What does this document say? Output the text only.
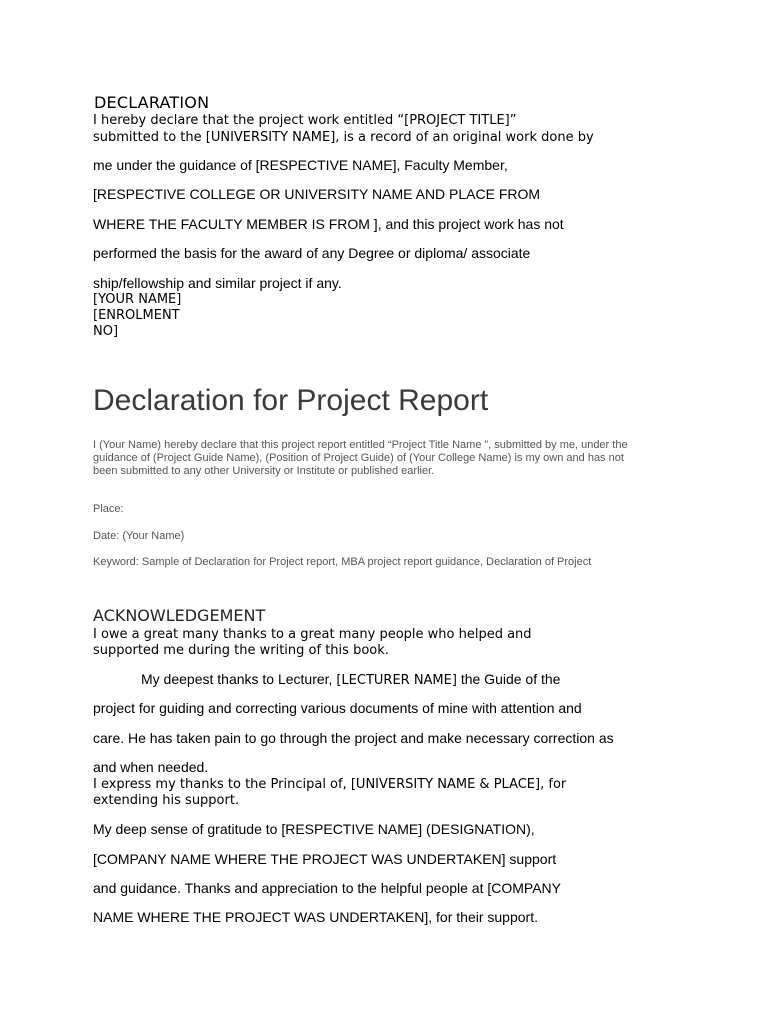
DECLARATION
I hereby declare that the project work entitled “[PROJECT TITLE]”
submitted to the [UNIVERSITY NAME], is a record of an original work done by
me under the guidance of [RESPECTIVE NAME], Faculty Member,
[RESPECTIVE COLLEGE OR UNIVERSITY NAME AND PLACE FROM
WHERE THE FACULTY MEMBER IS FROM ], and this project work has not
performed the basis for the award of any Degree or diploma/ associate
ship/fellowship and similar project if any.
[YOUR NAME]
[ENROLMENT
NO]
Declaration for Project Report
I (Your Name) hereby declare that this project report entitled “Project Title Name ”, submitted by me, under the
guidance of (Project Guide Name), (Position of Project Guide) of (Your College Name) is my own and has not
been submitted to any other University or Institute or published earlier.
Place:
Date: (Your Name)
Keyword: Sample of Declaration for Project report, MBA project report guidance, Declaration of Project
ACKNOWLEDGEMENT
I owe a great many thanks to a great many people who helped and
supported me during the writing of this book.
My deepest thanks to Lecturer, [LECTURER NAME] the Guide of the
project for guiding and correcting various documents of mine with attention and
care. He has taken pain to go through the project and make necessary correction as
and when needed.
I express my thanks to the Principal of, [UNIVERSITY NAME & PLACE], for
extending his support.
My deep sense of gratitude to [RESPECTIVE NAME] (DESIGNATION),
[COMPANY NAME WHERE THE PROJECT WAS UNDERTAKEN] support
and guidance. Thanks and appreciation to the helpful people at [COMPANY
NAME WHERE THE PROJECT WAS UNDERTAKEN], for their support.
